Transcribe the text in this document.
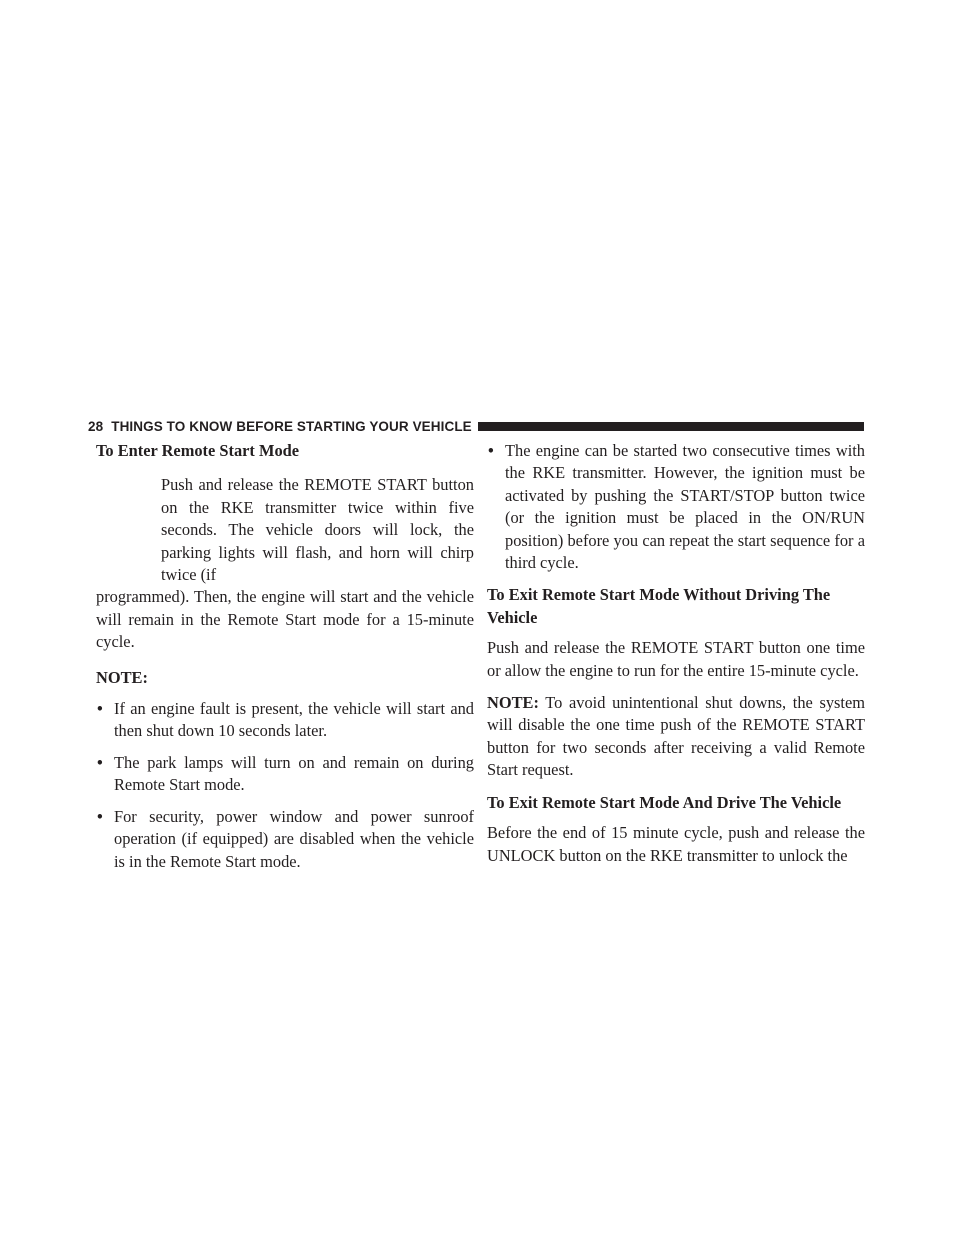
28 THINGS TO KNOW BEFORE STARTING YOUR VEHICLE

To Enter Remote Start Mode

Push and release the REMOTE START button on the RKE transmitter twice within five seconds. The vehicle doors will lock, the parking lights will flash, and horn will chirp twice (if
programmed). Then, the engine will start and the vehicle will remain in the Remote Start mode for a 15-minute cycle.

NOTE:

• If an engine fault is present, the vehicle will start and then shut down 10 seconds later.
• The park lamps will turn on and remain on during Remote Start mode.
• For security, power window and power sunroof operation (if equipped) are disabled when the vehicle is in the Remote Start mode.
• The engine can be started two consecutive times with the RKE transmitter. However, the ignition must be activated by pushing the START/STOP button twice (or the ignition must be placed in the ON/RUN position) before you can repeat the start sequence for a third cycle.

To Exit Remote Start Mode Without Driving The Vehicle

Push and release the REMOTE START button one time or allow the engine to run for the entire 15-minute cycle.

NOTE: To avoid unintentional shut downs, the system will disable the one time push of the REMOTE START button for two seconds after receiving a valid Remote Start request.

To Exit Remote Start Mode And Drive The Vehicle

Before the end of 15 minute cycle, push and release the UNLOCK button on the RKE transmitter to unlock the
